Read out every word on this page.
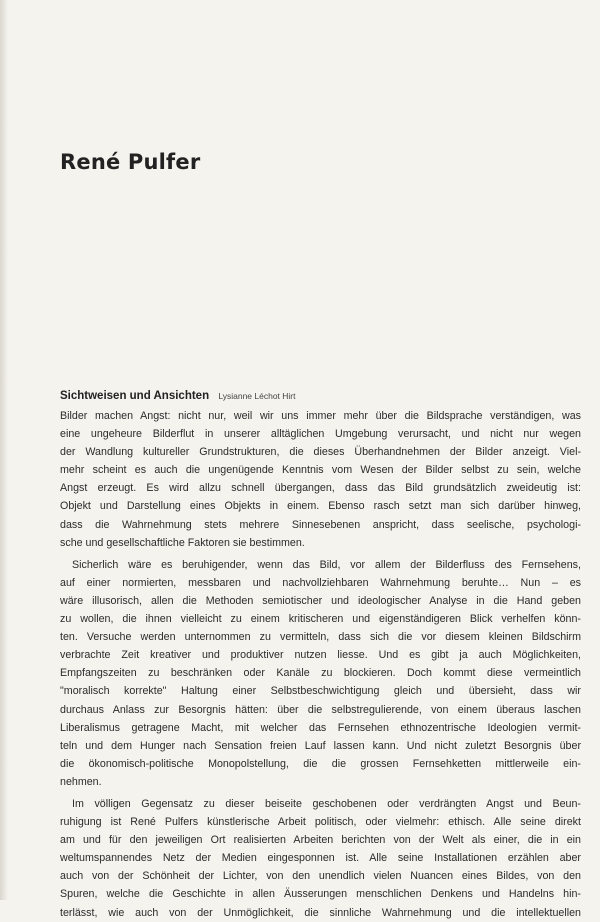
René Pulfer
Sichtweisen und Ansichten Lysianne Léchot Hirt

Bilder machen Angst: nicht nur, weil wir uns immer mehr über die Bildsprache verständigen, was
eine ungeheure Bilderflut in unserer alltäglichen Umgebung verursacht, und nicht nur wegen
der Wandlung kultureller Grundstrukturen, die dieses Überhandnehmen der Bilder anzeigt. Viel-
mehr scheint es auch die ungenügende Kenntnis vom Wesen der Bilder selbst zu sein, welche
Angst erzeugt. Es wird allzu schnell übergangen, dass das Bild grundsätzlich zweideutig ist:
Objekt und Darstellung eines Objekts in einem. Ebenso rasch setzt man sich darüber hinweg,
dass die Wahrnehmung stets mehrere Sinnesebenen anspricht, dass seelische, psychologi-
sche und gesellschaftliche Faktoren sie bestimmen.

Sicherlich wäre es beruhigender, wenn das Bild, vor allem der Bilderfluss des Fernsehens,
auf einer normierten, messbaren und nachvollziehbaren Wahrnehmung beruhte… Nun – es
wäre illusorisch, allen die Methoden semiotischer und ideologischer Analyse in die Hand geben
zu wollen, die ihnen vielleicht zu einem kritischeren und eigenständigeren Blick verhelfen könn-
ten. Versuche werden unternommen zu vermitteln, dass sich die vor diesem kleinen Bildschirm
verbrachte Zeit kreativer und produktiver nutzen liesse. Und es gibt ja auch Möglichkeiten,
Empfangszeiten zu beschränken oder Kanäle zu blockieren. Doch kommt diese vermeintlich
"moralisch korrekte" Haltung einer Selbstbeschwichtigung gleich und übersieht, dass wir
durchaus Anlass zur Besorgnis hätten: über die selbstregulierende, von einem überaus laschen
Liberalismus getragene Macht, mit welcher das Fernsehen ethnozentrische Ideologien vermit-
teln und dem Hunger nach Sensation freien Lauf lassen kann. Und nicht zuletzt Besorgnis über
die ökonomisch-politische Monopolstellung, die die grossen Fernsehketten mittlerweile ein-
nehmen.

Im völligen Gegensatz zu dieser beiseite geschobenen oder verdrängten Angst und Beun-
ruhigung ist René Pulfers künstlerische Arbeit politisch, oder vielmehr: ethisch. Alle seine direkt
am und für den jeweiligen Ort realisierten Arbeiten berichten von der Welt als einer, die in ein
weltumspannendes Netz der Medien eingesponnen ist. Alle seine Installationen erzählen aber
auch von der Schönheit der Lichter, von den unendlich vielen Nuancen eines Bildes, von den
Spuren, welche die Geschichte in allen Äusserungen menschlichen Denkens und Handelns hin-
terlässt, wie auch von der Unmöglichkeit, die sinnliche Wahrnehmung und die intellektuellen
